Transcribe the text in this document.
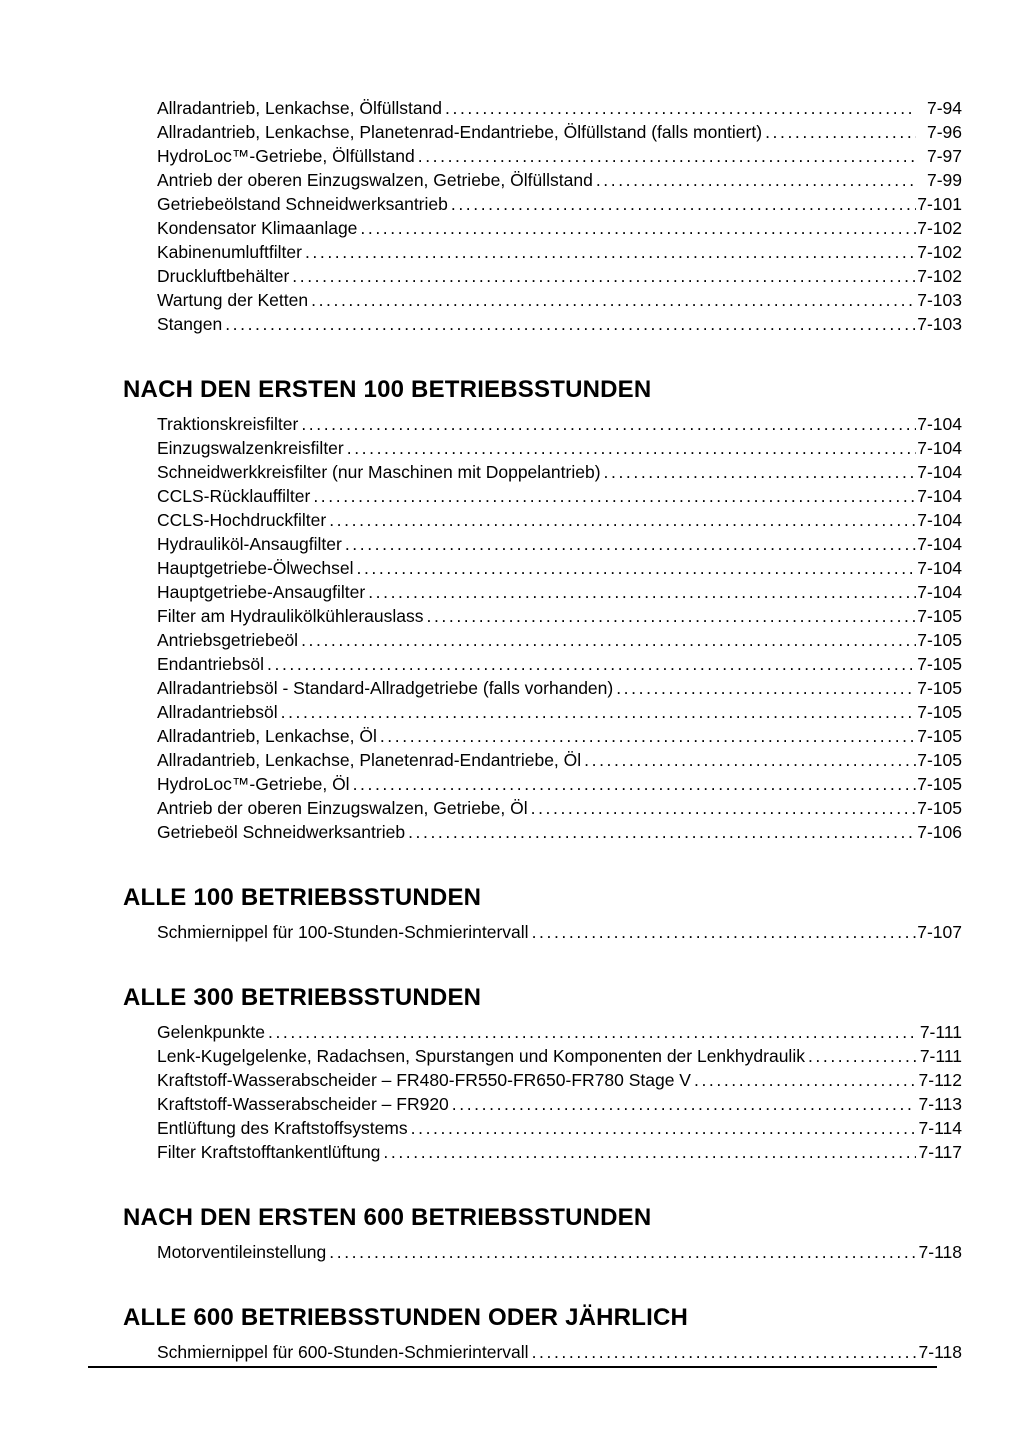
Allradantrieb, Lenkachse, Ölfüllstand .....	7-94
Allradantrieb, Lenkachse, Planetenrad-Endantriebe, Ölfüllstand (falls montiert) .....	7-96
HydroLoc™-Getriebe, Ölfüllstand .....	7-97
Antrieb der oberen Einzugswalzen, Getriebe, Ölfüllstand .....	7-99
Getriebeölstand Schneidwerksantrieb .....	7-101
Kondensator Klimaanlage .....	7-102
Kabinenumluftfilter .....	7-102
Druckluftbehälter .....	7-102
Wartung der Ketten .....	7-103
Stangen .....	7-103
NACH DEN ERSTEN 100 BETRIEBSSTUNDEN
Traktionskreisfilter .....	7-104
Einzugswalzenkreisfilter .....	7-104
Schneidwerkkreisfilter (nur Maschinen mit Doppelantrieb) .....	7-104
CCLS-Rücklauffilter .....	7-104
CCLS-Hochdruckfilter .....	7-104
Hydrauliköl-Ansaugfilter .....	7-104
Hauptgetriebe-Ölwechsel .....	7-104
Hauptgetriebe-Ansaugfilter .....	7-104
Filter am Hydraulikölkühlerauslass .....	7-105
Antriebsgetriebeöl .....	7-105
Endantriebsöl .....	7-105
Allradantriebsöl - Standard-Allradgetriebe (falls vorhanden) .....	7-105
Allradantriebsöl .....	7-105
Allradantrieb, Lenkachse, Öl .....	7-105
Allradantrieb, Lenkachse, Planetenrad-Endantriebe, Öl .....	7-105
HydroLoc™-Getriebe, Öl .....	7-105
Antrieb der oberen Einzugswalzen, Getriebe, Öl .....	7-105
Getriebeöl Schneidwerksantrieb .....	7-106
ALLE 100 BETRIEBSSTUNDEN
Schmiernippel für 100-Stunden-Schmierintervall .....	7-107
ALLE 300 BETRIEBSSTUNDEN
Gelenkpunkte .....	7-111
Lenk-Kugelgelenke, Radachsen, Spurstangen und Komponenten der Lenkhydraulik .....	7-111
Kraftstoff-Wasserabscheider – FR480-FR550-FR650-FR780 Stage V .....	7-112
Kraftstoff-Wasserabscheider – FR920 .....	7-113
Entlüftung des Kraftstoffsystems .....	7-114
Filter Kraftstofftankentlüftung .....	7-117
NACH DEN ERSTEN 600 BETRIEBSSTUNDEN
Motorventileinstellung .....	7-118
ALLE 600 BETRIEBSSTUNDEN ODER JÄHRLICH
Schmiernippel für 600-Stunden-Schmierintervall .....	7-118
